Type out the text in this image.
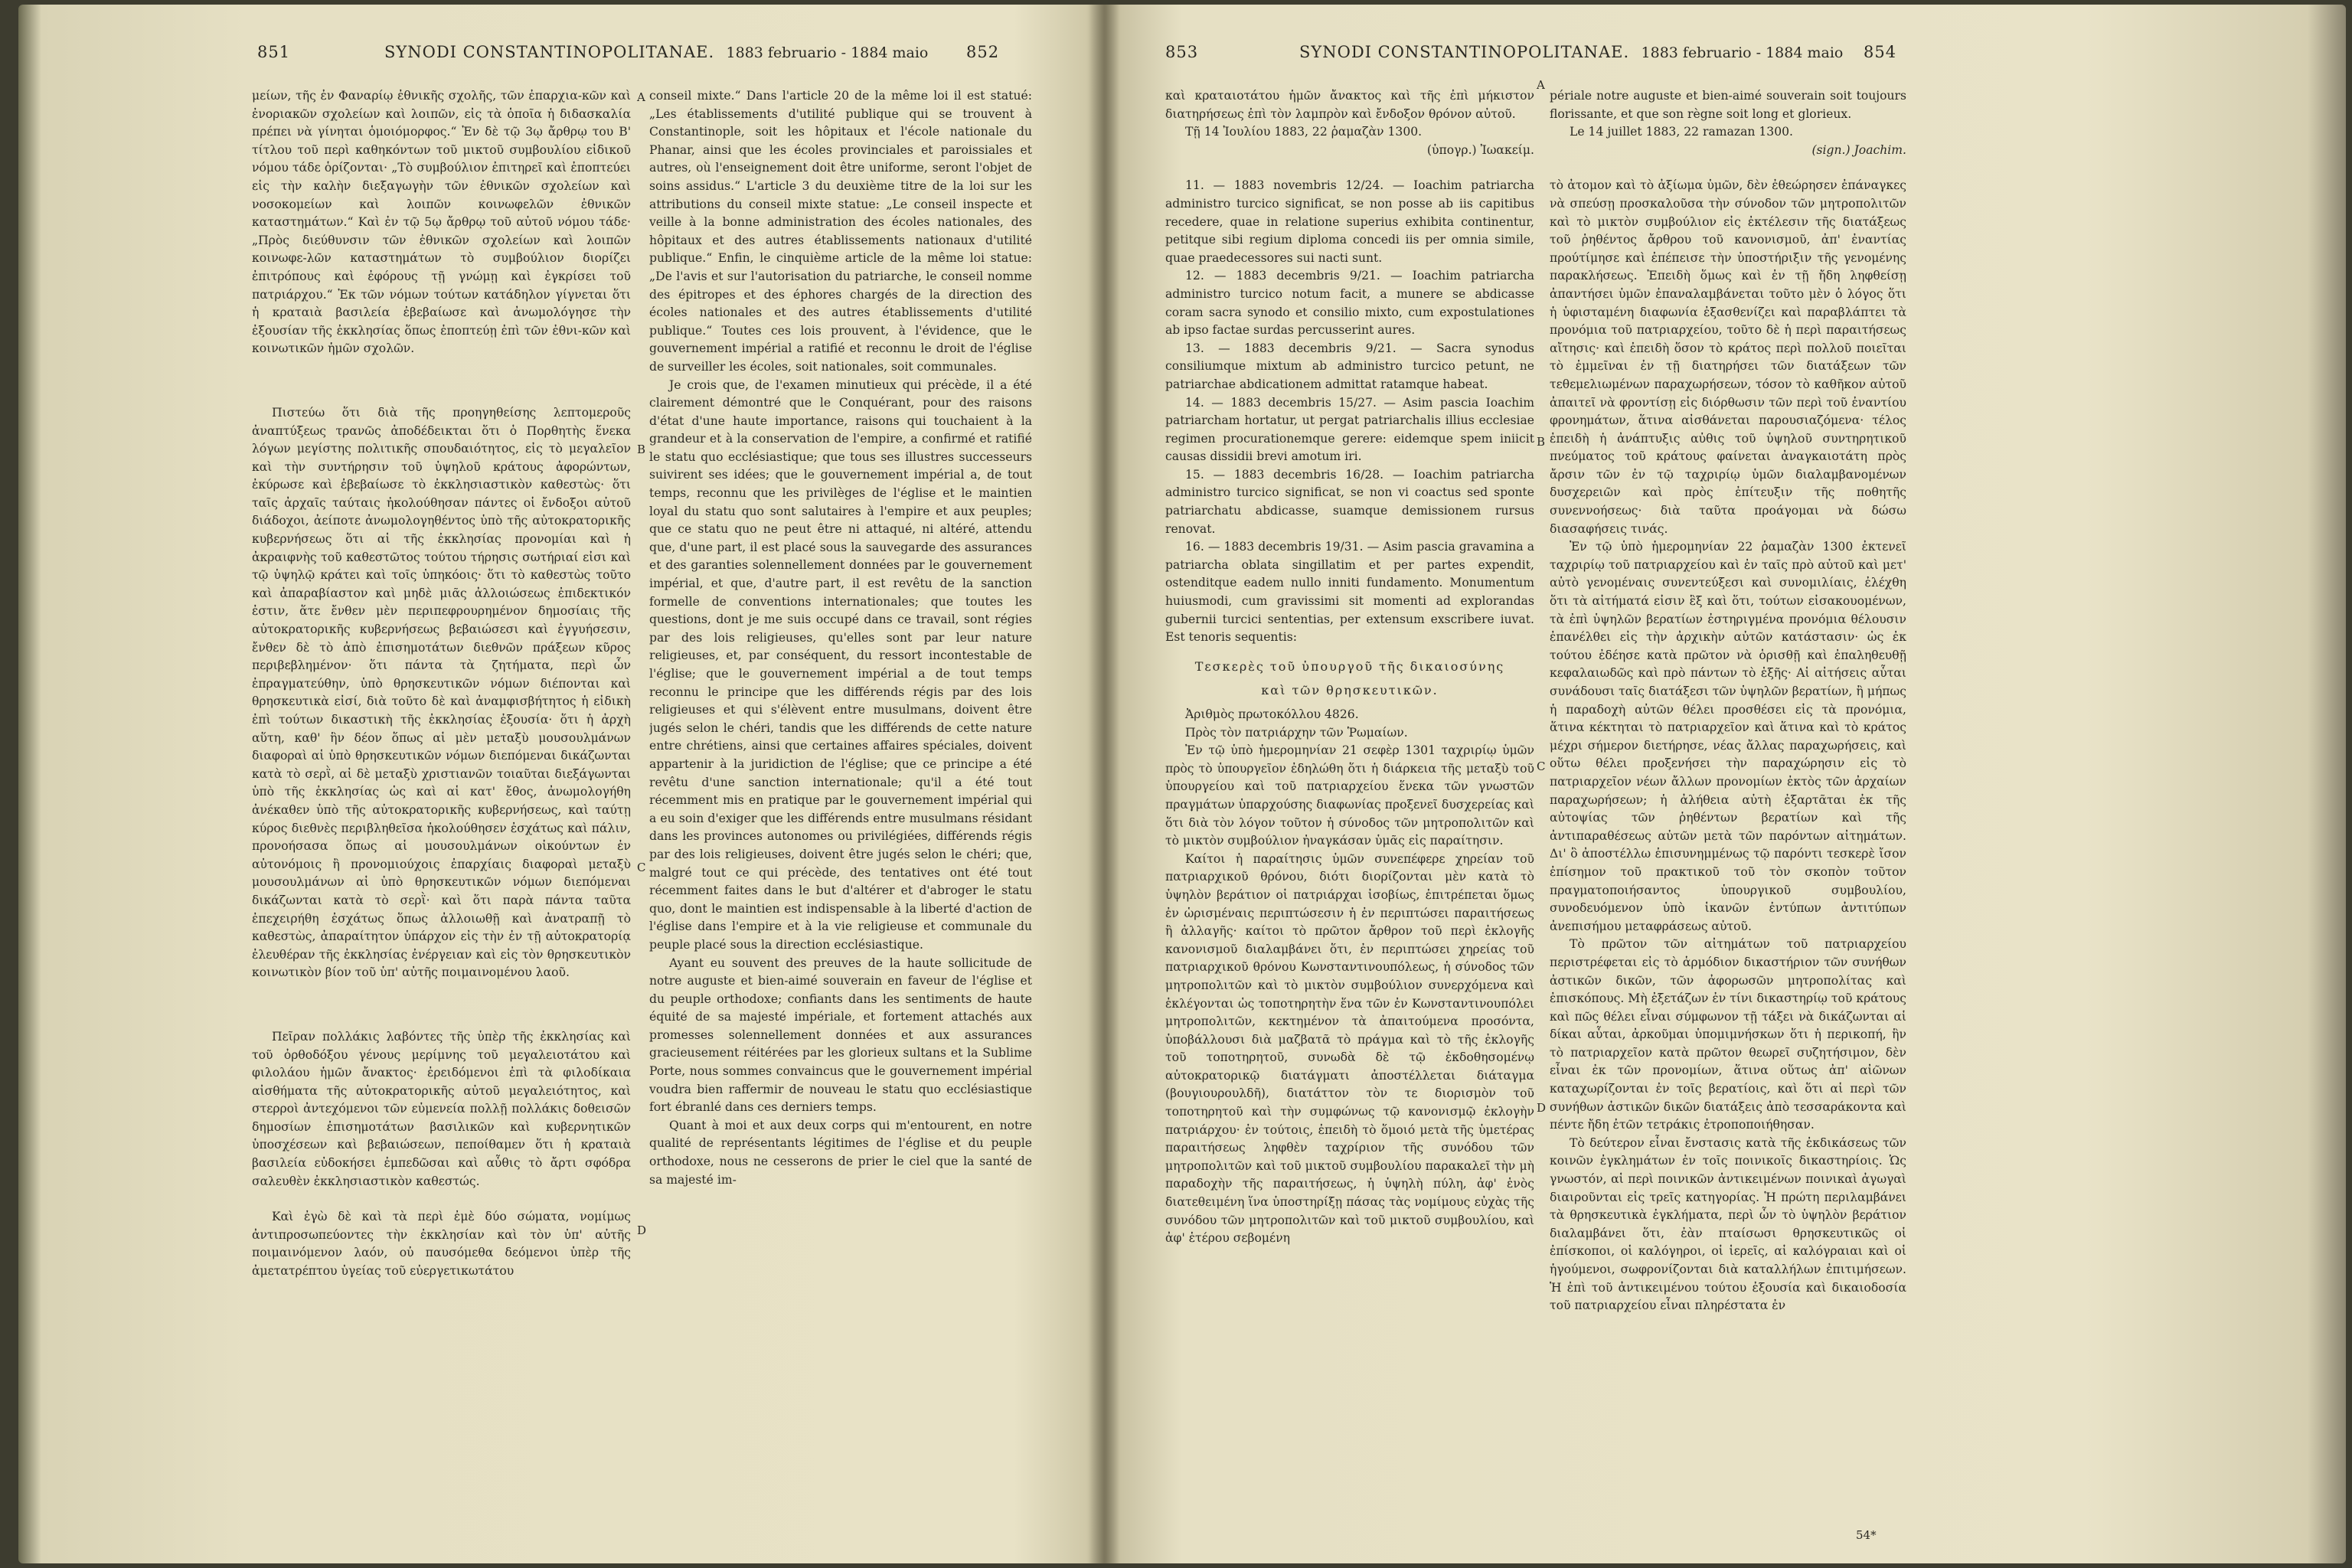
851	SYNODI CONSTANTINOPOLITANAE. 1883 februario - 1884 maio 852

μείων, τῆς ἐν Φαναρίῳ ἐθνικῆς σχολῆς, τῶν ἐπαρχια-κῶν καὶ ἐνοριακῶν σχολείων καὶ λοιπῶν, εἰς τὰ ὁποῖα ἡ διδασκαλία πρέπει νὰ γίνηται ὁμοιόμορφος.“ Ἐν δὲ τῷ 3ῳ ἄρθρῳ του Β' τίτλου τοῦ περὶ καθηκόντων τοῦ μικτοῦ συμβουλίου εἰδικοῦ νόμου τάδε ὁρίζονται· „Τὸ συμβούλιον ἐπιτηρεῖ καὶ ἐποπτεύει εἰς τὴν καλὴν διεξαγωγὴν τῶν ἐθνικῶν σχολείων καὶ νοσοκομείων καὶ λοιπῶν κοινωφελῶν ἐθνικῶν καταστημάτων.“ Καὶ ἐν τῷ 5ῳ ἄρθρῳ τοῦ αὐτοῦ νόμου τάδε· „Πρὸς διεύθυνσιν τῶν ἐθνικῶν σχολείων καὶ λοιπῶν κοινωφε-λῶν καταστημάτων τὸ συμβούλιον διορίζει ἐπιτρόπους καὶ ἐφόρους τῇ γνώμῃ καὶ ἐγκρίσει τοῦ πατριάρχου.“ Ἐκ τῶν νόμων τούτων κατάδηλον γίγνεται ὅτι ἡ κραταιὰ βασιλεία ἐβεβαίωσε καὶ ἀνωμολόγησε τὴν ἐξουσίαν τῆς ἐκκλησίας ὅπως ἐποπτεύῃ ἐπὶ τῶν ἐθνι-κῶν καὶ κοινωτικῶν ἡμῶν σχολῶν.

Πιστεύω ὅτι διὰ τῆς προηγηθείσης λεπτομεροῦς ἀναπτύξεως τρανῶς ἀποδέδεικται ὅτι ὁ Πορθητὴς ἕνεκα λόγων μεγίστης πολιτικῆς σπουδαιότητος, εἰς τὸ μεγαλεῖον καὶ τὴν συντήρησιν τοῦ ὑψηλοῦ κράτους ἀφορώντων, ἐκύρωσε καὶ ἐβεβαίωσε τὸ ἐκκλησιαστικὸν καθεστὼς· ὅτι ταῖς ἀρχαῖς ταύταις ἠκολούθησαν πάντες οἱ ἔνδοξοι αὐτοῦ διάδοχοι, ἀείποτε ἀνωμολογηθέντος ὑπὸ τῆς αὐτοκρατορικῆς κυβερνήσεως ὅτι αἱ τῆς ἐκκλησίας προνομίαι καὶ ἡ ἀκραιφνὴς τοῦ καθεστῶτος τούτου τήρησις σωτήριαί εἰσι καὶ τῷ ὑψηλῷ κράτει καὶ τοῖς ὑπηκόοις· ὅτι τὸ καθεστὼς τοῦτο καὶ ἀπαραβίαστον καὶ μηδὲ μιᾶς ἀλλοιώσεως ἐπιδεκτικόν ἐστιν, ἅτε ἔνθεν μὲν περιπεφρουρημένον δημοσίαις τῆς αὐτοκρατορικῆς κυβερνήσεως βεβαιώσεσι καὶ ἐγγυήσεσιν, ἔνθεν δὲ τὸ ἀπὸ ἐπισημοτάτων διεθνῶν πράξεων κῦρος περιβεβλημένον· ὅτι πάντα τὰ ζητήματα, περὶ ὧν ἐπραγματεύθην, ὑπὸ θρησκευτικῶν νόμων διέπονται καὶ θρησκευτικὰ εἰσί, διὰ τοῦτο δὲ καὶ ἀναμφισβήτητος ἡ εἰδικὴ ἐπὶ τούτων δικαστικὴ τῆς ἐκκλησίας ἐξουσία· ὅτι ἡ ἀρχὴ αὕτη, καθ' ἣν δέον ὅπως αἱ μὲν μεταξὺ μουσουλμάνων διαφοραὶ αἱ ὑπὸ θρησκευτικῶν νόμων διεπόμεναι δικάζωνται κατὰ τὸ σερῒ, αἱ δὲ μεταξὺ χριστιανῶν τοιαῦται διεξάγωνται ὑπὸ τῆς ἐκκλησίας ὡς καὶ αἱ κατ' ἔθος, ἀνωμολογήθη ἀνέκαθεν ὑπὸ τῆς αὐτοκρατορικῆς κυβερνήσεως, καὶ ταύτῃ κύρος διεθνὲς περιβληθεῖσα ἠκολούθησεν ἐσχάτως καὶ πάλιν, προνοήσασα ὅπως αἱ μουσουλμάνων οἰκούντων ἐν αὐτονόμοις ἢ προνομιούχοις ἐπαρχίαις διαφοραὶ μεταξὺ μουσουλμάνων αἱ ὑπὸ θρησκευτικῶν νόμων διεπόμεναι δικάζωνται κατὰ τὸ σερῒ· καὶ ὅτι παρὰ πάντα ταῦτα ἐπεχειρήθη ἐσχάτως ὅπως ἀλλοιωθῇ καὶ ἀνατραπῇ τὸ καθεστὼς, ἀπαραίτητον ὑπάρχον εἰς τὴν ἐν τῇ αὐτοκρατορίᾳ ἐλευθέραν τῆς ἐκκλησίας ἐνέργειαν καὶ εἰς τὸν θρησκευτικὸν κοινωτικὸν βίον τοῦ ὑπ' αὐτῆς ποιμαινομένου λαοῦ.

Πεῖραν πολλάκις λαβόντες τῆς ὑπὲρ τῆς ἐκκλησίας καὶ τοῦ ὀρθοδόξου γένους μερίμνης τοῦ μεγαλειοτάτου καὶ φιλολάου ἡμῶν ἄνακτος· ἐρειδόμενοι ἐπὶ τὰ φιλοδίκαια αἰσθήματα τῆς αὐτοκρατορικῆς αὐτοῦ μεγαλειότητος, καὶ στερροὶ ἀντεχόμενοι τῶν εὐμενεία πολλῇ πολλάκις δοθεισῶν δημοσίων ἐπισημοτάτων βασιλικῶν καὶ κυβερνητικῶν ὑποσχέσεων καὶ βεβαιώσεων, πεποίθαμεν ὅτι ἡ κραταιὰ βασιλεία εὐδοκήσει ἐμπεδῶσαι καὶ αὖθις τὸ ἄρτι σφόδρα σαλευθὲν ἐκκλησιαστικὸν καθεστώς.

Καὶ ἐγὼ δὲ καὶ τὰ περὶ ἐμὲ δύο σώματα, νομίμως ἀντιπροσωπεύοντες τὴν ἐκκλησίαν καὶ τὸν ὑπ' αὐτῆς ποιμαινόμενον λαόν, οὐ παυσόμεθα δεόμενοι ὑπὲρ τῆς ἀμετατρέπτου ὑγείας τοῦ εὐεργετικωτάτου

A
B
C
D

conseil mixte.“ Dans l'article 20 de la même loi il est statué: „Les établissements d'utilité publique qui se trouvent à Constantinople, soit les hôpitaux et l'école nationale du Phanar, ainsi que les écoles provinciales et paroissiales et autres, où l'enseignement doit être uniforme, seront l'objet de soins assidus.“ L'article 3 du deuxième titre de la loi sur les attributions du conseil mixte statue: „Le conseil inspecte et veille à la bonne administration des écoles nationales, des hôpitaux et des autres établissements nationaux d'utilité publique.“ Enfin, le cinquième article de la même loi statue: „De l'avis et sur l'autorisation du patriarche, le conseil nomme des épitropes et des éphores chargés de la direction des écoles nationales et des autres établissements d'utilité publique.“ Toutes ces lois prouvent, à l'évidence, que le gouvernement impérial a ratifié et reconnu le droit de l'église de surveiller les écoles, soit nationales, soit communales.

Je crois que, de l'examen minutieux qui précède, il a été clairement démontré que le Conquérant, pour des raisons d'état d'une haute importance, raisons qui touchaient à la grandeur et à la conservation de l'empire, a confirmé et ratifié le statu quo ecclésiastique; que tous ses illustres successeurs suivirent ses idées; que le gouvernement impérial a, de tout temps, reconnu que les privilèges de l'église et le maintien loyal du statu quo sont salutaires à l'empire et aux peuples; que ce statu quo ne peut être ni attaqué, ni altéré, attendu que, d'une part, il est placé sous la sauvegarde des assurances et des garanties solennellement données par le gouvernement impérial, et que, d'autre part, il est revêtu de la sanction formelle de conventions internationales; que toutes les questions, dont je me suis occupé dans ce travail, sont régies par des lois religieuses, qu'elles sont par leur nature religieuses, et, par conséquent, du ressort incontestable de l'église; que le gouvernement impérial a de tout temps reconnu le principe que les différends régis par des lois religieuses et qui s'élèvent entre musulmans, doivent être jugés selon le chéri, tandis que les différends de cette nature entre chrétiens, ainsi que certaines affaires spéciales, doivent appartenir à la juridiction de l'église; que ce principe a été revêtu d'une sanction internationale; qu'il a été tout récemment mis en pratique par le gouvernement impérial qui a eu soin d'exiger que les différends entre musulmans résidant dans les provinces autonomes ou privilégiées, différends régis par des lois religieuses, doivent être jugés selon le chéri; que, malgré tout ce qui précède, des tentatives ont été tout récemment faites dans le but d'altérer et d'abroger le statu quo, dont le maintien est indispensable à la liberté d'action de l'église dans l'empire et à la vie religieuse et communale du peuple placé sous la direction ecclésiastique.

Ayant eu souvent des preuves de la haute sollicitude de notre auguste et bien-aimé souverain en faveur de l'église et du peuple orthodoxe; confiants dans les sentiments de haute équité de sa majesté impériale, et fortement attachés aux promesses solennellement données et aux assurances gracieusement réitérées par les glorieux sultans et la Sublime Porte, nous sommes convaincus que le gouvernement impérial voudra bien raffermir de nouveau le statu quo ecclésiastique fort ébranlé dans ces derniers temps.

Quant à moi et aux deux corps qui m'entourent, en notre qualité de représentants légitimes de l'église et du peuple orthodoxe, nous ne cesserons de prier le ciel que la santé de sa majesté im-

853	SYNODI CONSTANTINOPOLITANAE. 1883 februario - 1884 maio 854

καὶ κραταιοτάτου ἡμῶν ἄνακτος καὶ τῆς ἐπὶ μήκιστον διατηρήσεως ἐπὶ τὸν λαμπρὸν καὶ ἔνδοξον θρόνον αὐτοῦ.

Τῇ 14 Ἰουλίου 1883, 22 ῥαμαζὰν 1300.

(ὑπογρ.) Ἰωακείμ.

11. — 1883 novembris 12/24. — Ioachim patriarcha administro turcico significat, se non posse ab iis capitibus recedere, quae in relatione superius exhibita continentur, petitque sibi regium diploma concedi iis per omnia simile, quae praedecessores sui nacti sunt.

12. — 1883 decembris 9/21. — Ioachim patriarcha administro turcico notum facit, a munere se abdicasse coram sacra synodo et consilio mixto, cum expostulationes ab ipso factae surdas percusserint aures.

13. — 1883 decembris 9/21. — Sacra synodus consiliumque mixtum ab administro turcico petunt, ne patriarchae abdicationem admittat ratamque habeat.

14. — 1883 decembris 15/27. — Asim pascia Ioachim patriarcham hortatur, ut pergat patriarchalis illius ecclesiae regimen procurationemque gerere: eidemque spem iniicit causas dissidii brevi amotum iri.

15. — 1883 decembris 16/28. — Ioachim patriarcha administro turcico significat, se non vi coactus sed sponte patriarchatu abdicasse, suamque demissionem rursus renovat.

16. — 1883 decembris 19/31. — Asim pascia gravamina a patriarcha oblata singillatim et per partes expendit, ostenditque eadem nullo inniti fundamento. Monumentum huiusmodi, cum gravissimi sit momenti ad explorandas gubernii turcici sententias, per extensum exscribere iuvat. Est tenoris sequentis:

Τεσκερὲς τοῦ ὑπουργοῦ τῆς δικαιοσύνης
καὶ τῶν θρησκευτικῶν.

Ἀριθμὸς πρωτοκόλλου 4826.

Πρὸς τὸν πατριάρχην τῶν Ῥωμαίων.

Ἐν τῷ ὑπὸ ἡμερομηνίαν 21 σεφὲρ 1301 ταχριρίῳ ὑμῶν πρὸς τὸ ὑπουργεῖον ἐδηλώθη ὅτι ἡ διάρκεια τῆς μεταξὺ τοῦ ὑπουργείου καὶ τοῦ πατριαρχείου ἕνεκα τῶν γνωστῶν πραγμάτων ὑπαρχούσης διαφωνίας προξενεῖ δυσχερείας καὶ ὅτι διὰ τὸν λόγον τοῦτον ἡ σύνοδος τῶν μητροπολιτῶν καὶ τὸ μικτὸν συμβούλιον ἠναγκάσαν ὑμᾶς εἰς παραίτησιν.

Καίτοι ἡ παραίτησις ὑμῶν συνεπέφερε χηρείαν τοῦ πατριαρχικοῦ θρόνου, διότι διορίζονται μὲν κατὰ τὸ ὑψηλὸν βεράτιον οἱ πατριάρχαι ἰσοβίως, ἐπιτρέπεται ὅμως ἐν ὡρισμέναις περιπτώσεσιν ἡ ἐν περιπτώσει παραιτήσεως ἢ ἀλλαγῆς· καίτοι τὸ πρῶτον ἄρθρον τοῦ περὶ ἐκλογῆς κανονισμοῦ διαλαμβάνει ὅτι, ἐν περιπτώσει χηρείας τοῦ πατριαρχικοῦ θρόνου Κωνσταντινουπόλεως, ἡ σύνοδος τῶν μητροπολιτῶν καὶ τὸ μικτὸν συμβούλιον συνερχόμενα καὶ ἐκλέγονται ὡς τοποτηρητὴν ἕνα τῶν ἐν Κωνσταντινουπόλει μητροπολιτῶν, κεκτημένον τὰ ἀπαιτούμενα προσόντα, ὑποβάλλουσι διὰ μαζβατᾶ τὸ πράγμα καὶ τὸ τῆς ἐκλογῆς τοῦ τοποτηρητοῦ, συνωδὰ δὲ τῷ ἐκδοθησομένῳ αὐτοκρατορικῷ διατάγματι ἀποστέλλεται διάταγμα (βουγιουρουλδῆ), διατάττον τὸν τε διορισμὸν τοῦ τοποτηρητοῦ καὶ τὴν συμφώνως τῷ κανονισμῷ ἐκλογὴν πατριάρχου· ἐν τούτοις, ἐπειδὴ τὸ ὅμοιό μετὰ τῆς ὑμετέρας παραιτήσεως ληφθὲν ταχρίριον τῆς συνόδου τῶν μητροπολιτῶν καὶ τοῦ μικτοῦ συμβουλίου παρακαλεῖ τὴν μὴ παραδοχὴν τῆς παραιτήσεως, ἡ ὑψηλὴ πύλη, ἀφ' ἑνὸς διατεθειμένη ἵνα ὑποστηρίξῃ πάσας τὰς νομίμους εὐχὰς τῆς συνόδου τῶν μητροπολιτῶν καὶ τοῦ μικτοῦ συμβουλίου, καὶ ἀφ' ἑτέρου σεβομένη

A
B
C
D

périale notre auguste et bien-aimé souverain soit toujours florissante, et que son règne soit long et glorieux.

Le 14 juillet 1883, 22 ramazan 1300.

(sign.) Joachim.

τὸ ἀτομον καὶ τὸ ἀξίωμα ὑμῶν, δὲν ἐθεώρησεν ἐπάναγκες νὰ σπεύσῃ προσκαλοῦσα τὴν σύνοδον τῶν μητροπολιτῶν καὶ τὸ μικτὸν συμβούλιον εἰς ἐκτέλεσιν τῆς διατάξεως τοῦ ῥηθέντος ἄρθρου τοῦ κανονισμοῦ, ἀπ' ἐναντίας προύτίμησε καὶ ἐπέπεισε τὴν ὑποστήριξιν τῆς γενομένης παρακλήσεως. Ἐπειδὴ ὅμως καὶ ἐν τῇ ἤδη ληφθείσῃ ἀπαντήσει ὑμῶν ἐπαναλαμβάνεται τοῦτο μὲν ὁ λόγος ὅτι ἡ ὑφισταμένη διαφωνία ἐξασθενίζει καὶ παραβλάπτει τὰ προνόμια τοῦ πατριαρχείου, τοῦτο δὲ ἡ περὶ παραιτήσεως αἴτησις· καὶ ἐπειδὴ ὅσον τὸ κράτος περὶ πολλοῦ ποιεῖται τὸ ἐμμεῖναι ἐν τῇ διατηρήσει τῶν διατάξεων τῶν τεθεμελιωμένων παραχωρήσεων, τόσον τὸ καθῆκον αὐτοῦ ἀπαιτεῖ νὰ φροντίσῃ εἰς διόρθωσιν τῶν περὶ τοῦ ἐναντίου φρονημάτων, ἅτινα αἰσθάνεται παρουσιαζόμενα· τέλος ἐπειδὴ ἡ ἀνάπτυξις αὐθις τοῦ ὑψηλοῦ συντηρητικοῦ πνεύματος τοῦ κράτους φαίνεται ἀναγκαιοτάτη πρὸς ἄρσιν τῶν ἐν τῷ ταχριρίῳ ὑμῶν διαλαμβανομένων δυσχερειῶν καὶ πρὸς ἐπίτευξιν τῆς ποθητῆς συνεννοήσεως· διὰ ταῦτα προάγομαι νὰ δώσω διασαφήσεις τινάς.

Ἐν τῷ ὑπὸ ἡμερομηνίαν 22 ῥαμαζὰν 1300 ἐκτενεῖ ταχριρίῳ τοῦ πατριαρχείου καὶ ἐν ταῖς πρὸ αὐτοῦ καὶ μετ' αὐτὸ γενομέναις συνεντεύξεσι καὶ συνομιλίαις, ἐλέχθη ὅτι τὰ αἰτήματά εἰσιν ἓξ καὶ ὅτι, τούτων εἰσακουομένων, τὰ ἐπὶ ὑψηλῶν βερατίων ἐστηριγμένα προνόμια θέλουσιν ἐπανέλθει εἰς τὴν ἀρχικὴν αὐτῶν κατάστασιν· ὡς ἐκ τούτου ἐδέησε κατὰ πρῶτον νὰ ὁρισθῇ καὶ ἐπαληθευθῇ κεφαλαιωδῶς καὶ πρὸ πάντων τὸ ἑξῆς· Αἱ αἰτήσεις αὗται συνάδουσι ταῖς διατάξεσι τῶν ὑψηλῶν βερατίων, ἢ μήπως ἡ παραδοχὴ αὐτῶν θέλει προσθέσει εἰς τὰ προνόμια, ἅτινα κέκτηται τὸ πατριαρχεῖον καὶ ἅτινα καὶ τὸ κράτος μέχρι σήμερον διετήρησε, νέας ἄλλας παραχωρήσεις, καὶ οὕτω θέλει προξενήσει τὴν παραχώρησιν εἰς τὸ πατριαρχεῖον νέων ἄλλων προνομίων ἐκτὸς τῶν ἀρχαίων παραχωρήσεων; ἡ ἀλήθεια αὐτὴ ἐξαρτᾶται ἐκ τῆς αὐτοψίας τῶν ῥηθέντων βερατίων καὶ τῆς ἀντιπαραθέσεως αὐτῶν μετὰ τῶν παρόντων αἰτημάτων. Δι' ὃ ἀποστέλλω ἐπισυνημμένως τῷ παρόντι τεσκερὲ ἴσον ἐπίσημον τοῦ πρακτικοῦ τοῦ τὸν σκοπὸν τοῦτον πραγματοποιήσαντος ὑπουργικοῦ συμβουλίου, συνοδευόμενον ὑπὸ ἱκανῶν ἐντύπων ἀντιτύπων ἀνεπισήμου μεταφράσεως αὐτοῦ.

Τὸ πρῶτον τῶν αἰτημάτων τοῦ πατριαρχείου περιστρέφεται εἰς τὸ ἁρμόδιον δικαστήριον τῶν συνήθων ἀστικῶν δικῶν, τῶν ἀφορωσῶν μητροπολίτας καὶ ἐπισκόπους. Μὴ ἐξετάζων ἐν τίνι δικαστηρίῳ τοῦ κράτους καὶ πῶς θέλει εἶναι σύμφωνον τῇ τάξει νὰ δικάζωνται αἱ δίκαι αὗται, ἀρκοῦμαι ὑπομιμνήσκων ὅτι ἡ περικοπή, ἣν τὸ πατριαρχεῖον κατὰ πρῶτον θεωρεῖ συζητήσιμον, δὲν εἶναι ἐκ τῶν προνομίων, ἅτινα οὕτως ἀπ' αἰῶνων καταχωρίζονται ἐν τοῖς βερατίοις, καὶ ὅτι αἱ περὶ τῶν συνήθων ἀστικῶν δικῶν διατάξεις ἀπὸ τεσσαράκοντα καὶ πέντε ἤδη ἐτῶν τετράκις ἐτροποποιήθησαν.

Τὸ δεύτερον εἶναι ἔνστασις κατὰ τῆς ἐκδικάσεως τῶν κοινῶν ἐγκλημάτων ἐν τοῖς ποινικοῖς δικαστηρίοις. Ὡς γνωστόν, αἱ περὶ ποινικῶν ἀντικειμένων ποινικαὶ ἀγωγαὶ διαιροῦνται εἰς τρεῖς κατηγορίας. Ἡ πρώτη περιλαμβάνει τὰ θρησκευτικὰ ἐγκλήματα, περὶ ὧν τὸ ὑψηλὸν βεράτιον διαλαμβάνει ὅτι, ἐὰν πταίσωσι θρησκευτικῶς οἱ ἐπίσκοποι, οἱ καλόγηροι, οἱ ἱερεῖς, αἱ καλόγραιαι καὶ οἱ ἡγούμενοι, σωφρονίζονται διὰ καταλλήλων ἐπιτιμήσεων. Ἡ ἐπὶ τοῦ ἀντικειμένου τούτου ἐξουσία καὶ δικαιοδοσία τοῦ πατριαρχείου εἶναι πληρέστατα ἐν

54*
